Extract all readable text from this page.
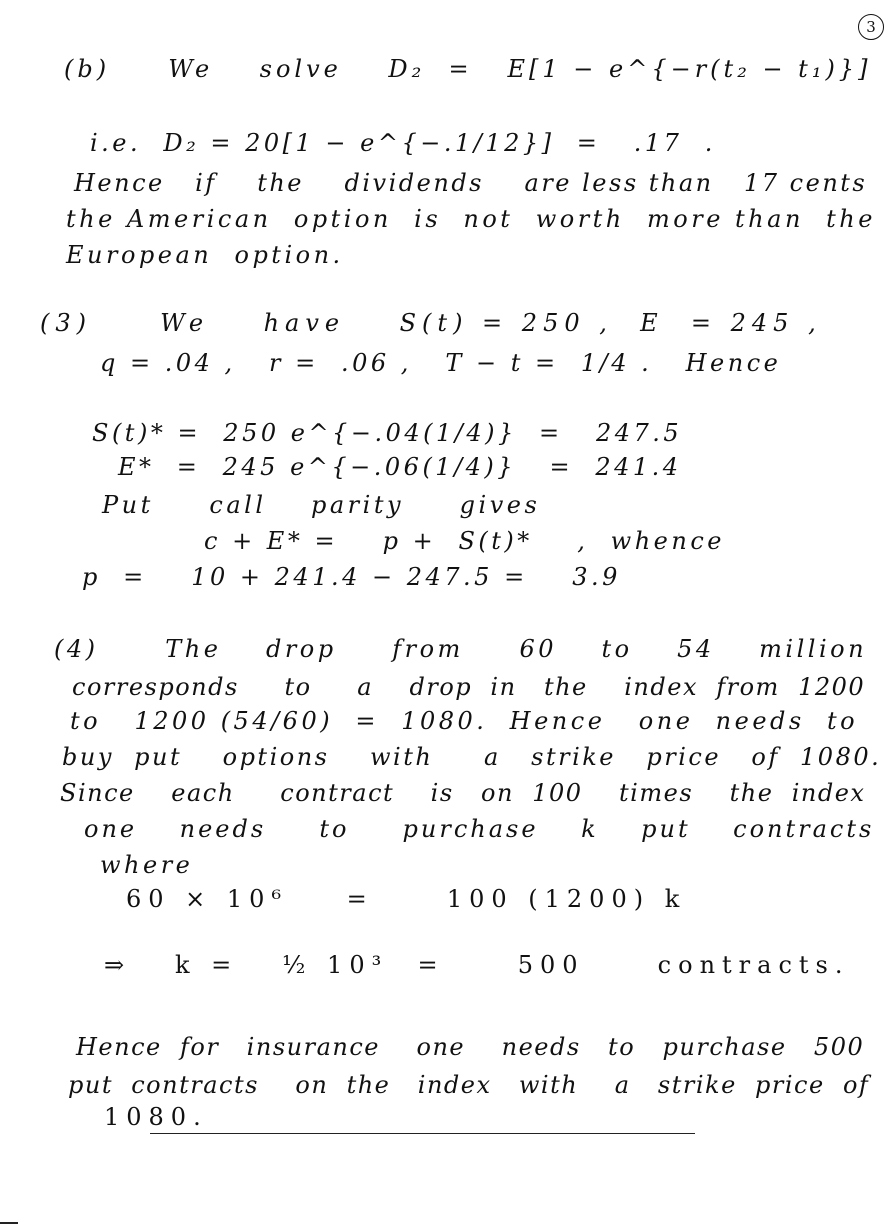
3
(b)     We    solve    D₂  =   E[1 − e^{−r(t₂ − t₁)}]
i.e.  D₂ = 20[1 − e^{−.1/12}]  =   .17  .
Hence   if    the    dividends    are less than   17 cents
the American  option  is  not  worth  more than  the
European  option.
(3)     We    have    S(t) = 250 ,  E  = 245 ,
q = .04 ,   r =  .06 ,   T − t =  1/4 .   Hence
S(t)* =  250 e^{−.04(1/4)}  =   247.5
E*  =  245 e^{−.06(1/4)}   =  241.4
Put     call    parity     gives
c + E* =    p +  S(t)*    ,  whence
p  =    10 + 241.4 − 247.5 =    3.9
(4)      The    drop     from     60    to    54    million
corresponds     to     a    drop  in   the    index  from  1200
to   1200 (54/60)  =  1080.  Hence   one  needs  to
buy  put    options    with     a   strike   price   of  1080.
Since    each     contract    is   on  100    times    the  index
one    needs     to     purchase    k    put    contracts
where
60 × 10⁶    =     100 (1200) k
⇒   k =   ½ 10³  =     500     contracts.
Hence  for   insurance    one    needs   to   purchase   500
put  contracts    on  the   index   with    a   strike  price  of
1080.
